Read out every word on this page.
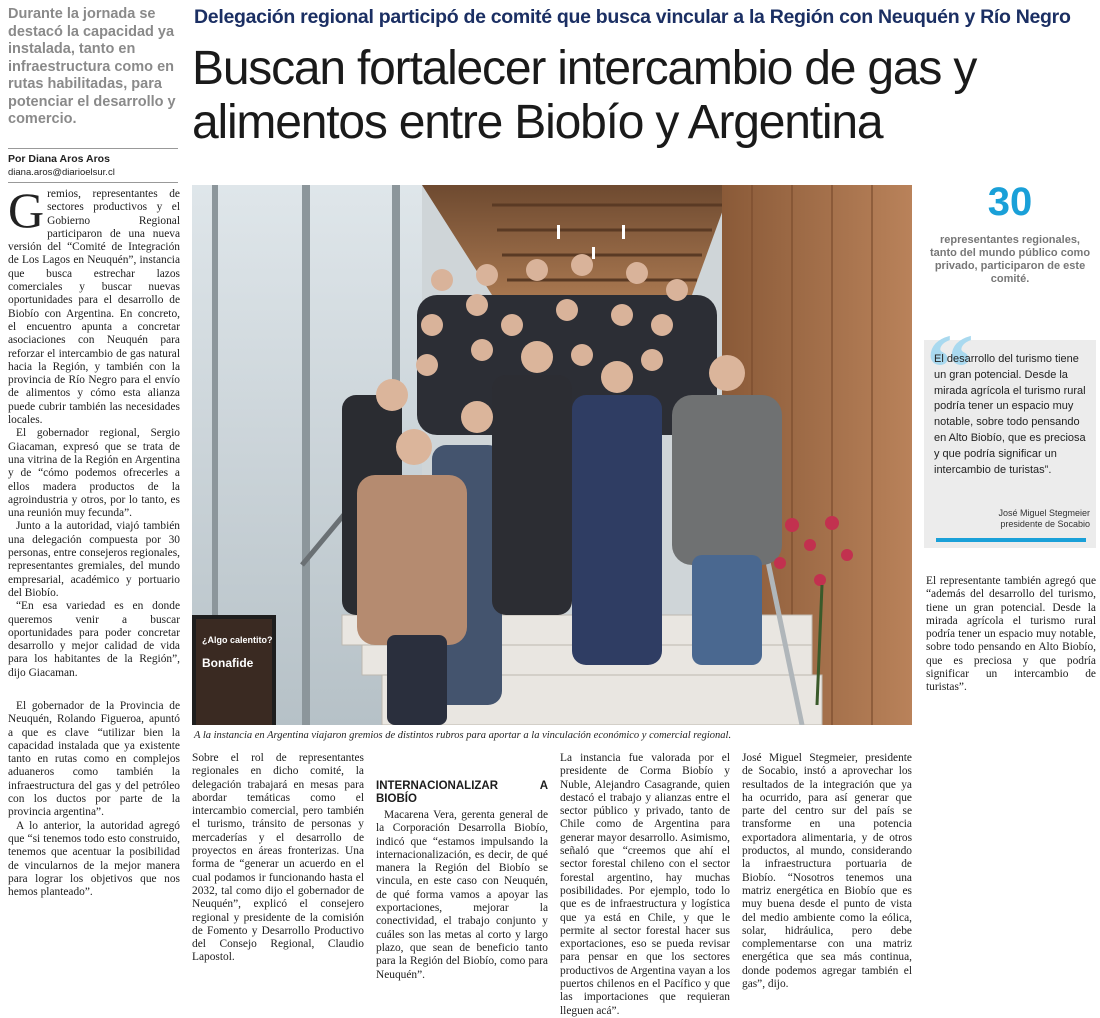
Durante la jornada se destacó la capacidad ya instalada, tanto en infraestructura como en rutas habilitadas, para potenciar el desarrollo y comercio.
Por Diana Aros Aros
diana.aros@diarioelsur.cl
Delegación regional participó de comité que busca vincular a la Región con Neuquén y Río Negro
Buscan fortalecer intercambio de gas y alimentos entre Biobío y Argentina

Gremios, representantes de sectores productivos y el Gobierno Regional participaron de una nueva versión del “Comité de Integración de Los Lagos en Neuquén”, instancia que busca estrechar lazos comerciales y buscar nuevas oportunidades para el desarrollo de Biobío con Argentina. En concreto, el encuentro apunta a concretar asociaciones con Neuquén para reforzar el intercambio de gas natural hacia la Región, y también con la provincia de Río Negro para el envío de alimentos y cómo esta alianza puede cubrir también las necesidades locales.

El gobernador regional, Sergio Giacaman, expresó que se trata de una vitrina de la Región en Argentina y de “cómo podemos ofrecerles a ellos madera productos de la agroindustria y otros, por lo tanto, es una reunión muy fecunda”.

Junto a la autoridad, viajó también una delegación compuesta por 30 personas, entre consejeros regionales, representantes gremiales, del mundo empresarial, académico y portuario del Biobío.

“En esa variedad es en donde queremos venir a buscar oportunidades para poder concretar desarrollo y mejor calidad de vida para los habitantes de la Región”, dijo Giacaman.

¿Algo calentito?
Bonafide
A la instancia en Argentina viajaron gremios de distintos rubros para aportar a la vinculación económico y comercial regional.
30
representantes regionales, tanto del mundo público como privado, participaron de este comité.
“
El desarrollo del turismo tiene un gran potencial. Desde la mirada agrícola el turismo rural podría tener un espacio muy notable, sobre todo pensando en Alto Biobío, que es preciosa y que podría significar un intercambio de turistas”.
José Miguel Stegmeier
presidente de Socabio

El gobernador de la Provincia de Neuquén, Rolando Figueroa, apuntó a que es clave “utilizar bien la capacidad instalada que ya existente tanto en rutas como en complejos aduaneros como también la infraestructura del gas y del petróleo con los ductos por parte de la provincia argentina”.

A lo anterior, la autoridad agregó que “si tenemos todo esto construido, tenemos que acentuar la posibilidad de vincularnos de la mejor manera para lograr los objetivos que nos hemos planteado”.

Sobre el rol de representantes regionales en dicho comité, la delegación trabajará en mesas para abordar temáticas como el intercambio comercial, pero también el turismo, tránsito de personas y mercaderías y el desarrollo de proyectos en áreas fronterizas. Una forma de “generar un acuerdo en el cual podamos ir funcionando hasta el 2032, tal como dijo el gobernador de Neuquén”, explicó el consejero regional y presidente de la comisión de Fomento y Desarrollo Productivo del Consejo Regional, Claudio Lapostol.

INTERNACIONALIZAR A BIOBÍO

Macarena Vera, gerenta general de la Corporación Desarrolla Biobío, indicó que “estamos impulsando la internacionalización, es decir, de qué manera la Región del Biobío se vincula, en este caso con Neuquén, de qué forma vamos a apoyar las exportaciones, mejorar la conectividad, el trabajo conjunto y cuáles son las metas al corto y largo plazo, que sean de beneficio tanto para la Región del Biobío, como para Neuquén”.

La instancia fue valorada por el presidente de Corma Biobío y Nuble, Alejandro Casagrande, quien destacó el trabajo y alianzas entre el sector público y privado, tanto de Chile como de Argentina para generar mayor desarrollo. Asimismo, señaló que “creemos que ahí el sector forestal chileno con el sector forestal argentino, hay muchas posibilidades. Por ejemplo, todo lo que es de infraestructura y logística que ya está en Chile, y que le permite al sector forestal hacer sus exportaciones, eso se pueda revisar para pensar en que los sectores productivos de Argentina vayan a los puertos chilenos en el Pacífico y que las importaciones que requieran lleguen acá”.

José Miguel Stegmeier, presidente de Socabio, instó a aprovechar los resultados de la integración que ya ha ocurrido, para así generar que parte del centro sur del país se transforme en una potencia exportadora alimentaria, y de otros productos, al mundo, considerando la infraestructura portuaria de Biobío. “Nosotros tenemos una matriz energética en Biobío que es muy buena desde el punto de vista del medio ambiente como la eólica, solar, hidráulica, pero debe complementarse con una matriz energética que sea más continua, donde podemos agregar también el gas”, dijo.

El representante también agregó que “además del desarrollo del turismo, tiene un gran potencial. Desde la mirada agrícola el turismo rural podría tener un espacio muy notable, sobre todo pensando en Alto Biobío, que es preciosa y que podría significar un intercambio de turistas”.
